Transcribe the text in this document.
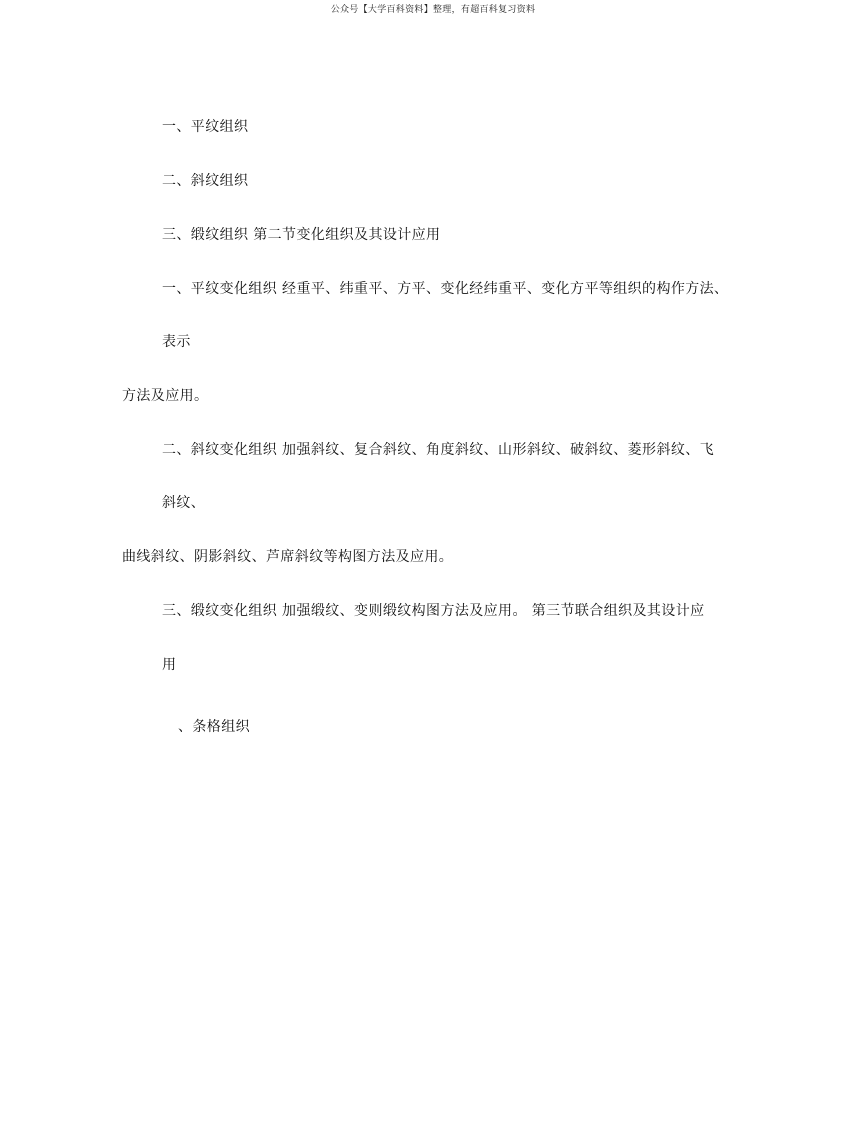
公众号【大学百科资料】整理，有超百科复习资料
一、平纹组织
二、斜纹组织
三、缎纹组织 第二节变化组织及其设计应用
一、平纹变化组织 经重平、纬重平、方平、变化经纬重平、变化方平等组织的构作方法、
表示
方法及应用。
二、斜纹变化组织 加强斜纹、复合斜纹、角度斜纹、山形斜纹、破斜纹、菱形斜纹、飞
斜纹、
曲线斜纹、阴影斜纹、芦席斜纹等构图方法及应用。
三、缎纹变化组织 加强缎纹、变则缎纹构图方法及应用。 第三节联合组织及其设计应
用
、条格组织
